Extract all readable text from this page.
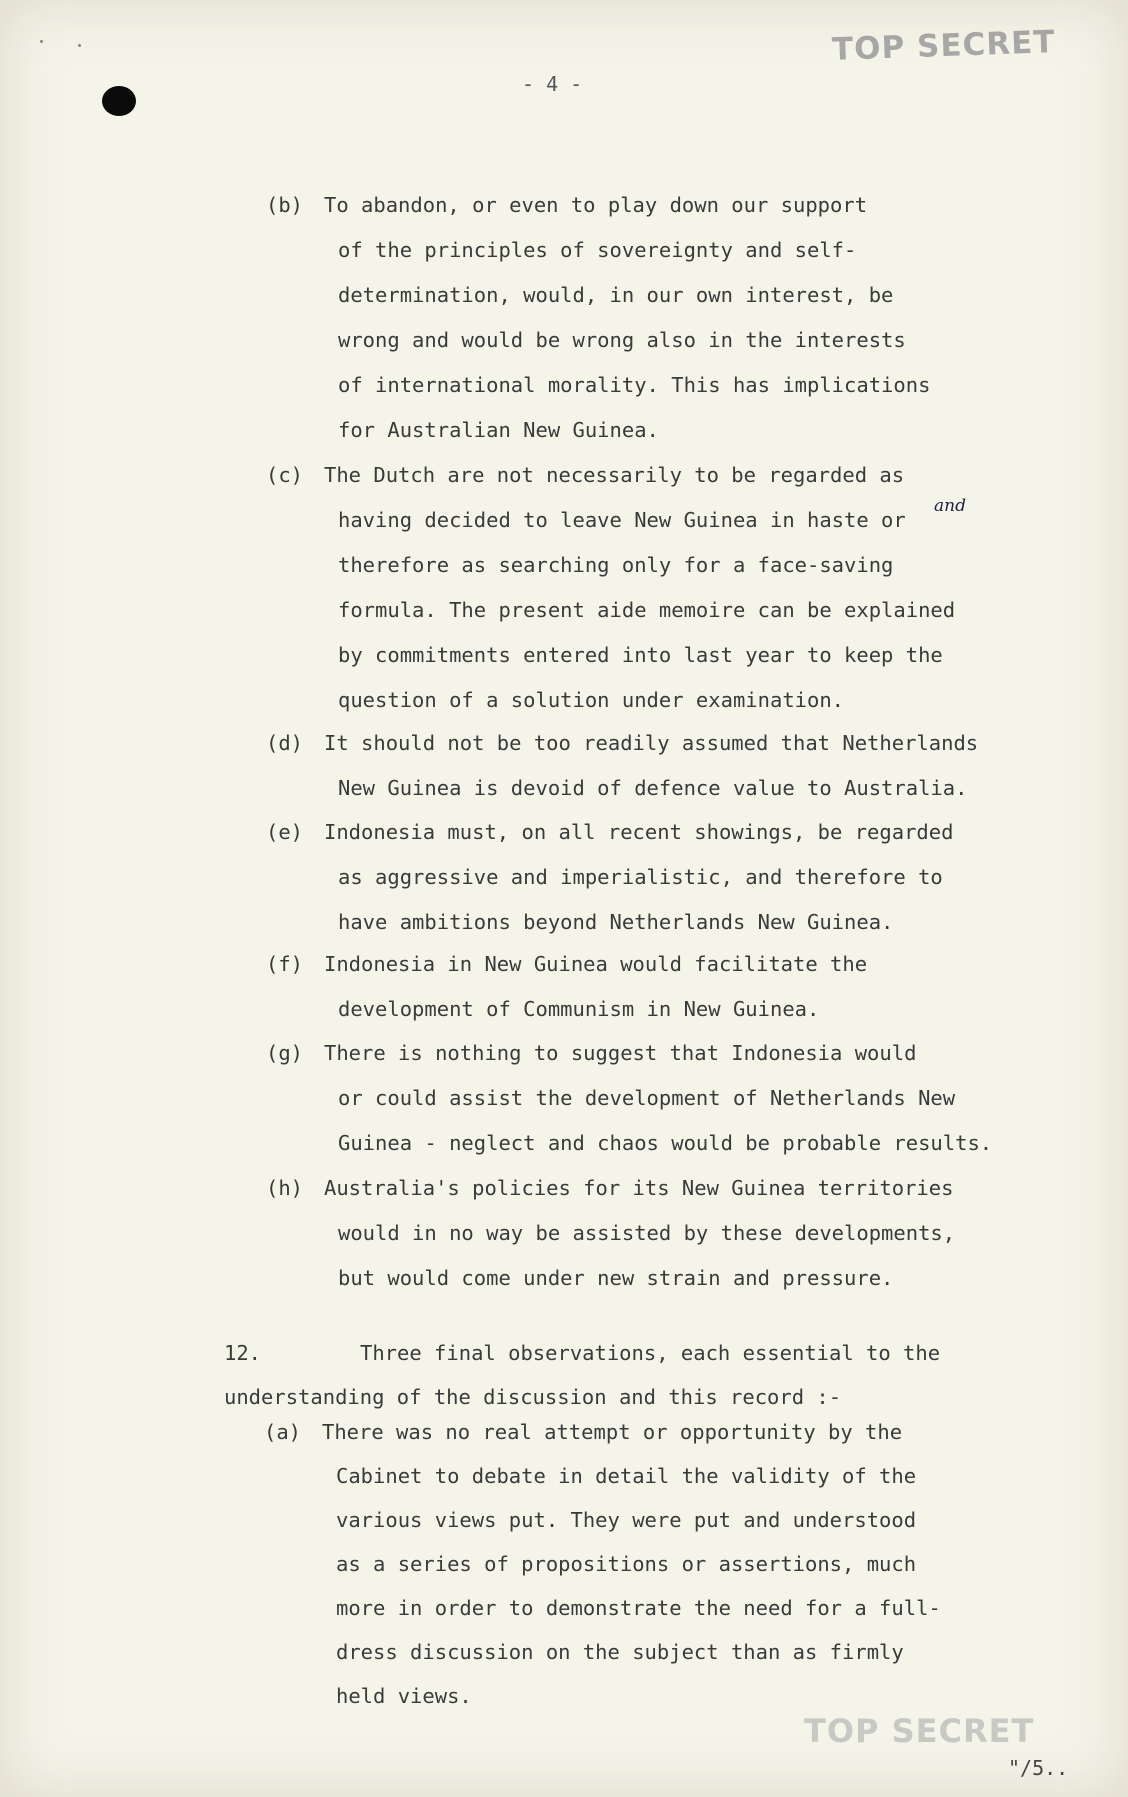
TOP SECRET
- 4 -
(b) To abandon, or even to play down our support
of the principles of sovereignty and self-
determination, would, in our own interest, be
wrong and would be wrong also in the interests
of international morality. This has implications
for Australian New Guinea.
(c) The Dutch are not necessarily to be regarded as
having decided to leave New Guinea in haste or
therefore as searching only for a face-saving
formula. The present aide memoire can be explained
by commitments entered into last year to keep the
question of a solution under examination.
and
(d) It should not be too readily assumed that Netherlands
New Guinea is devoid of defence value to Australia.
(e) Indonesia must, on all recent showings, be regarded
as aggressive and imperialistic, and therefore to
have ambitions beyond Netherlands New Guinea.
(f) Indonesia in New Guinea would facilitate the
development of Communism in New Guinea.
(g) There is nothing to suggest that Indonesia would
or could assist the development of Netherlands New
Guinea - neglect and chaos would be probable results.
(h) Australia's policies for its New Guinea territories
would in no way be assisted by these developments,
but would come under new strain and pressure.
12.	Three final observations, each essential to the
understanding of the discussion and this record :-
(a) There was no real attempt or opportunity by the
Cabinet to debate in detail the validity of the
various views put. They were put and understood
as a series of propositions or assertions, much
more in order to demonstrate the need for a full-
dress discussion on the subject than as firmly
held views.
TOP SECRET
"/5..
